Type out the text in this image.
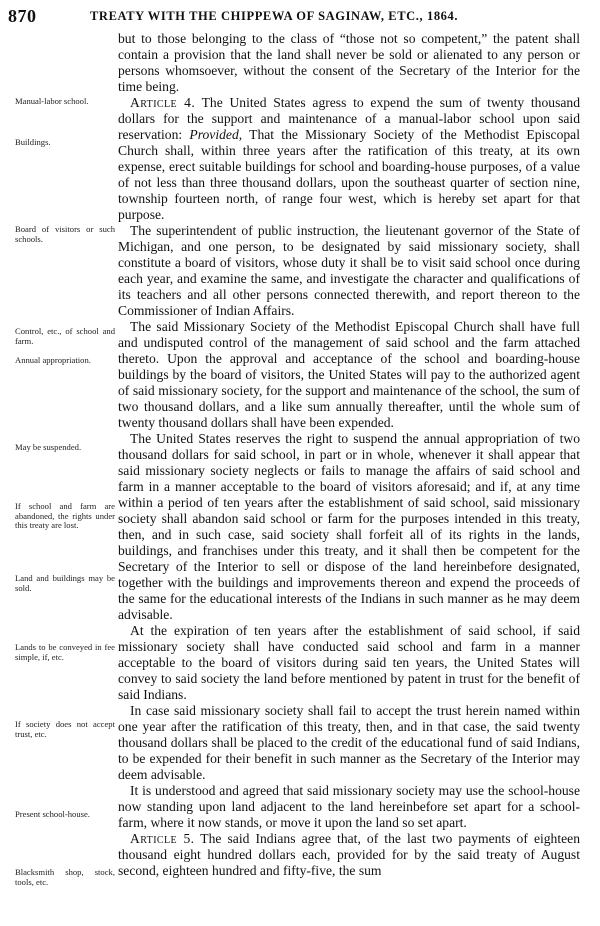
870	TREATY WITH THE CHIPPEWA OF SAGINAW, ETC., 1864.
Manual-labor school.
Buildings.
Board of visitors or such schools.
Control, etc., of school and farm.
Annual appropriation.
May be suspended.
If school and farm are abandoned, the rights under this treaty are lost.
Land and buildings may be sold.
Lands to be conveyed in fee simple, if, etc.
If society does not accept trust, etc.
Present school-house.
Blacksmith shop, stock, tools, etc.

but to those belonging to the class of “those not so competent,” the patent shall contain a provision that the land shall never be sold or alienated to any person or persons whomsoever, without the consent of the Secretary of the Interior for the time being.

Article 4. The United States agress to expend the sum of twenty thousand dollars for the support and maintenance of a manual-labor school upon said reservation: Provided, That the Missionary Society of the Methodist Episcopal Church shall, within three years after the ratification of this treaty, at its own expense, erect suitable buildings for school and boarding-house purposes, of a value of not less than three thousand dollars, upon the southeast quarter of section nine, township fourteen north, of range four west, which is hereby set apart for that purpose.

The superintendent of public instruction, the lieutenant governor of the State of Michigan, and one person, to be designated by said missionary society, shall constitute a board of visitors, whose duty it shall be to visit said school once during each year, and examine the same, and investigate the character and qualifications of its teachers and all other persons connected therewith, and report thereon to the Commissioner of Indian Affairs.

The said Missionary Society of the Methodist Episcopal Church shall have full and undisputed control of the management of said school and the farm attached thereto. Upon the approval and acceptance of the school and boarding-house buildings by the board of visitors, the United States will pay to the authorized agent of said missionary society, for the support and maintenance of the school, the sum of two thousand dollars, and a like sum annually thereafter, until the whole sum of twenty thousand dollars shall have been expended.

The United States reserves the right to suspend the annual appropriation of two thousand dollars for said school, in part or in whole, whenever it shall appear that said missionary society neglects or fails to manage the affairs of said school and farm in a manner acceptable to the board of visitors aforesaid; and if, at any time within a period of ten years after the establishment of said school, said missionary society shall abandon said school or farm for the purposes intended in this treaty, then, and in such case, said society shall forfeit all of its rights in the lands, buildings, and franchises under this treaty, and it shall then be competent for the Secretary of the Interior to sell or dispose of the land hereinbefore designated, together with the buildings and improvements thereon and expend the proceeds of the same for the educational interests of the Indians in such manner as he may deem advisable.

At the expiration of ten years after the establishment of said school, if said missionary society shall have conducted said school and farm in a manner acceptable to the board of visitors during said ten years, the United States will convey to said society the land before mentioned by patent in trust for the benefit of said Indians.

In case said missionary society shall fail to accept the trust herein named within one year after the ratification of this treaty, then, and in that case, the said twenty thousand dollars shall be placed to the credit of the educational fund of said Indians, to be expended for their benefit in such manner as the Secretary of the Interior may deem advisable.

It is understood and agreed that said missionary society may use the school-house now standing upon land adjacent to the land hereinbefore set apart for a school-farm, where it now stands, or move it upon the land so set apart.

Article 5. The said Indians agree that, of the last two payments of eighteen thousand eight hundred dollars each, provided for by the said treaty of August second, eighteen hundred and fifty-five, the sum
